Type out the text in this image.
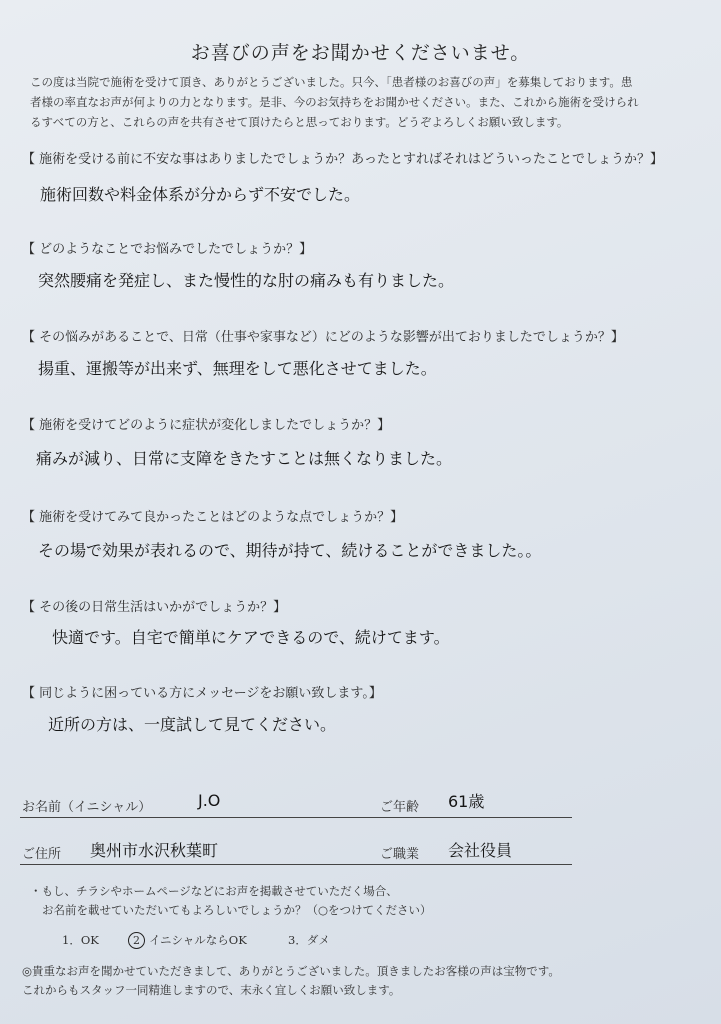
お喜びの声をお聞かせくださいませ。
この度は当院で施術を受けて頂き、ありがとうございました。只今、「患者様のお喜びの声」を募集しております。患
者様の率直なお声が何よりの力となります。是非、今のお気持ちをお聞かせください。また、これから施術を受けられ
るすべての方と、これらの声を共有させて頂けたらと思っております。どうぞよろしくお願い致します。
【 施術を受ける前に不安な事はありましたでしょうか？あったとすればそれはどういったことでしょうか？】
施術回数や料金体系が分からず不安でした。
【 どのようなことでお悩みでしたでしょうか？】
突然腰痛を発症し、また慢性的な肘の痛みも有りました。
【 その悩みがあることで、日常（仕事や家事など）にどのような影響が出ておりましたでしょうか？】
揚重、運搬等が出来ず、無理をして悪化させてました。
【 施術を受けてどのように症状が変化しましたでしょうか？】
痛みが減り、日常に支障をきたすことは無くなりました。
【 施術を受けてみて良かったことはどのような点でしょうか？】
その場で効果が表れるので、期待が持て、続けることができました。。
【 その後の日常生活はいかがでしょうか？】
快適です。自宅で簡単にケアできるので、続けてます。
【 同じように困っている方にメッセージをお願い致します。】
近所の方は、一度試して見てください。
お名前（イニシャル）	J.O	ご年齢 61歳
ご住所 奥州市水沢秋葉町	ご職業 会社役員
・もし、チラシやホームページなどにお声を掲載させていただく場合、
お名前を載せていただいてもよろしいでしょうか？（○をつけてください）
1．OK	2 イニシャルならOK	3．ダメ
◎貴重なお声を聞かせていただきまして、ありがとうございました。頂きましたお客様の声は宝物です。
これからもスタッフ一同精進しますので、末永く宜しくお願い致します。
